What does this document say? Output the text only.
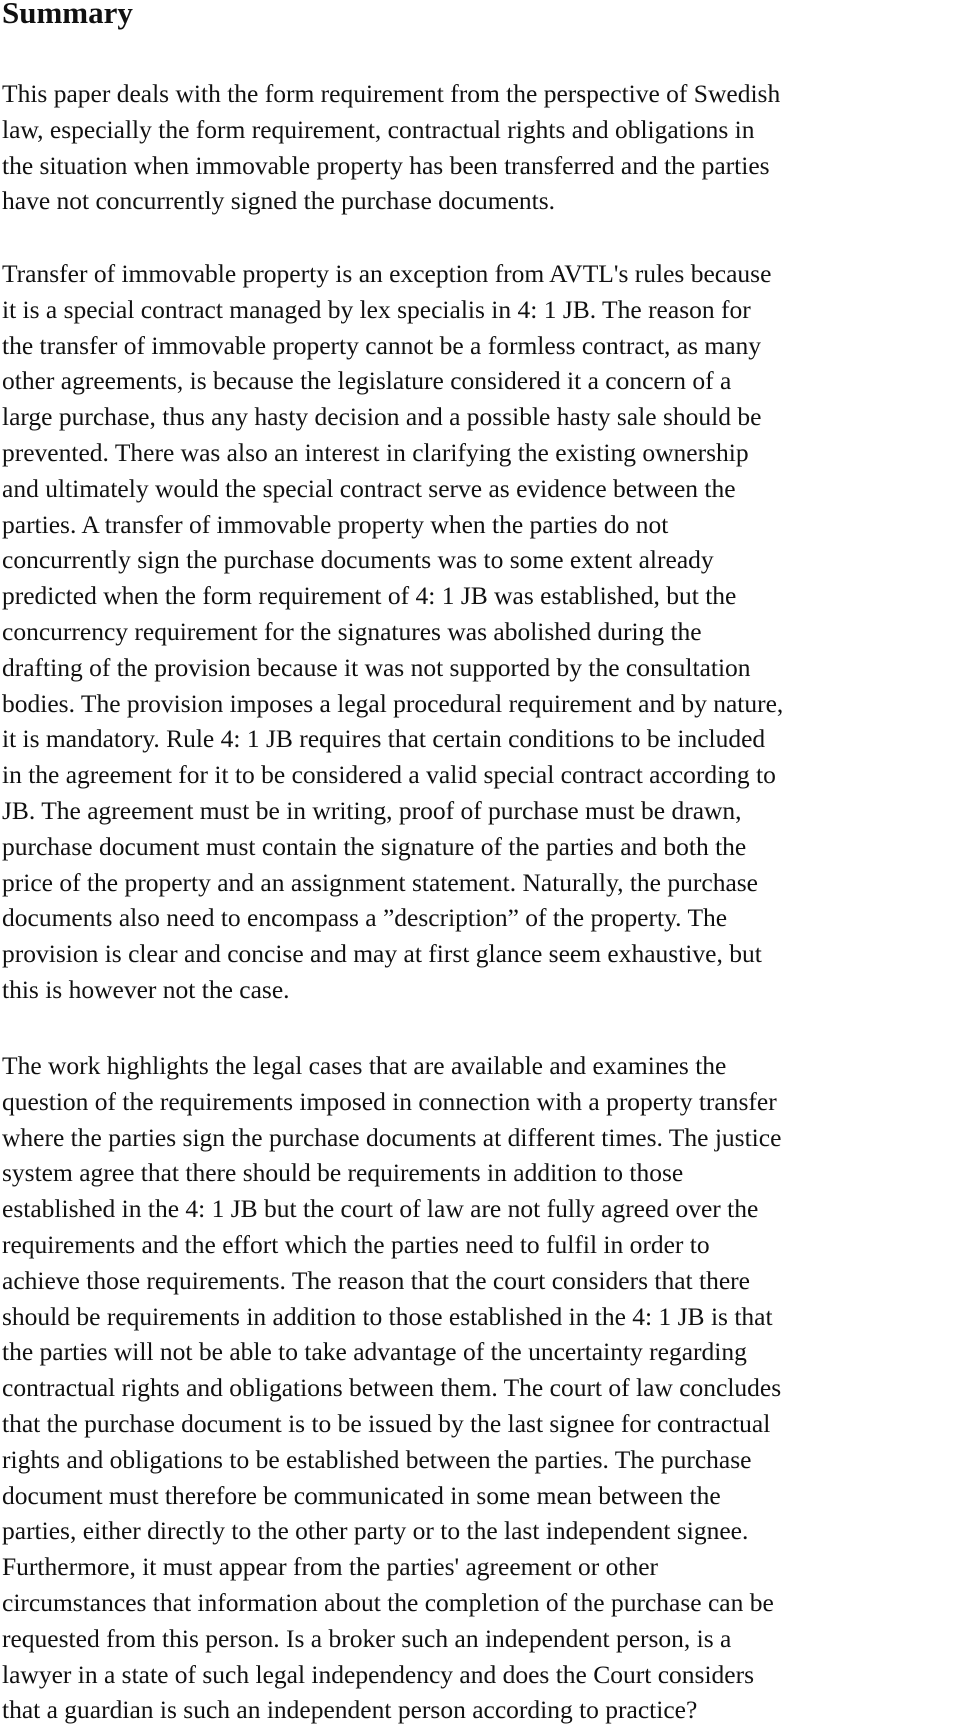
Summary

This paper deals with the form requirement from the perspective of Swedish
law, especially the form requirement, contractual rights and obligations in
the situation when immovable property has been transferred and the parties
have not concurrently signed the purchase documents.

Transfer of immovable property is an exception from AVTL's rules because
it is a special contract managed by lex specialis in 4: 1 JB. The reason for
the transfer of immovable property cannot be a formless contract, as many
other agreements, is because the legislature considered it a concern of a
large purchase, thus any hasty decision and a possible hasty sale should be
prevented. There was also an interest in clarifying the existing ownership
and ultimately would the special contract serve as evidence between the
parties. A transfer of immovable property when the parties do not
concurrently sign the purchase documents was to some extent already
predicted when the form requirement of 4: 1 JB was established, but the
concurrency requirement for the signatures was abolished during the
drafting of the provision because it was not supported by the consultation
bodies. The provision imposes a legal procedural requirement and by nature,
it is mandatory. Rule 4: 1 JB requires that certain conditions to be included
in the agreement for it to be considered a valid special contract according to
JB. The agreement must be in writing, proof of purchase must be drawn,
purchase document must contain the signature of the parties and both the
price of the property and an assignment statement. Naturally, the purchase
documents also need to encompass a ”description” of the property. The
provision is clear and concise and may at first glance seem exhaustive, but
this is however not the case.

The work highlights the legal cases that are available and examines the
question of the requirements imposed in connection with a property transfer
where the parties sign the purchase documents at different times. The justice
system agree that there should be requirements in addition to those
established in the 4: 1 JB but the court of law are not fully agreed over the
requirements and the effort which the parties need to fulfil in order to
achieve those requirements. The reason that the court considers that there
should be requirements in addition to those established in the 4: 1 JB is that
the parties will not be able to take advantage of the uncertainty regarding
contractual rights and obligations between them. The court of law concludes
that the purchase document is to be issued by the last signee for contractual
rights and obligations to be established between the parties. The purchase
document must therefore be communicated in some mean between the
parties, either directly to the other party or to the last independent signee.
Furthermore, it must appear from the parties' agreement or other
circumstances that information about the completion of the purchase can be
requested from this person. Is a broker such an independent person, is a
lawyer in a state of such legal independency and does the Court considers
that a guardian is such an independent person according to practice?
